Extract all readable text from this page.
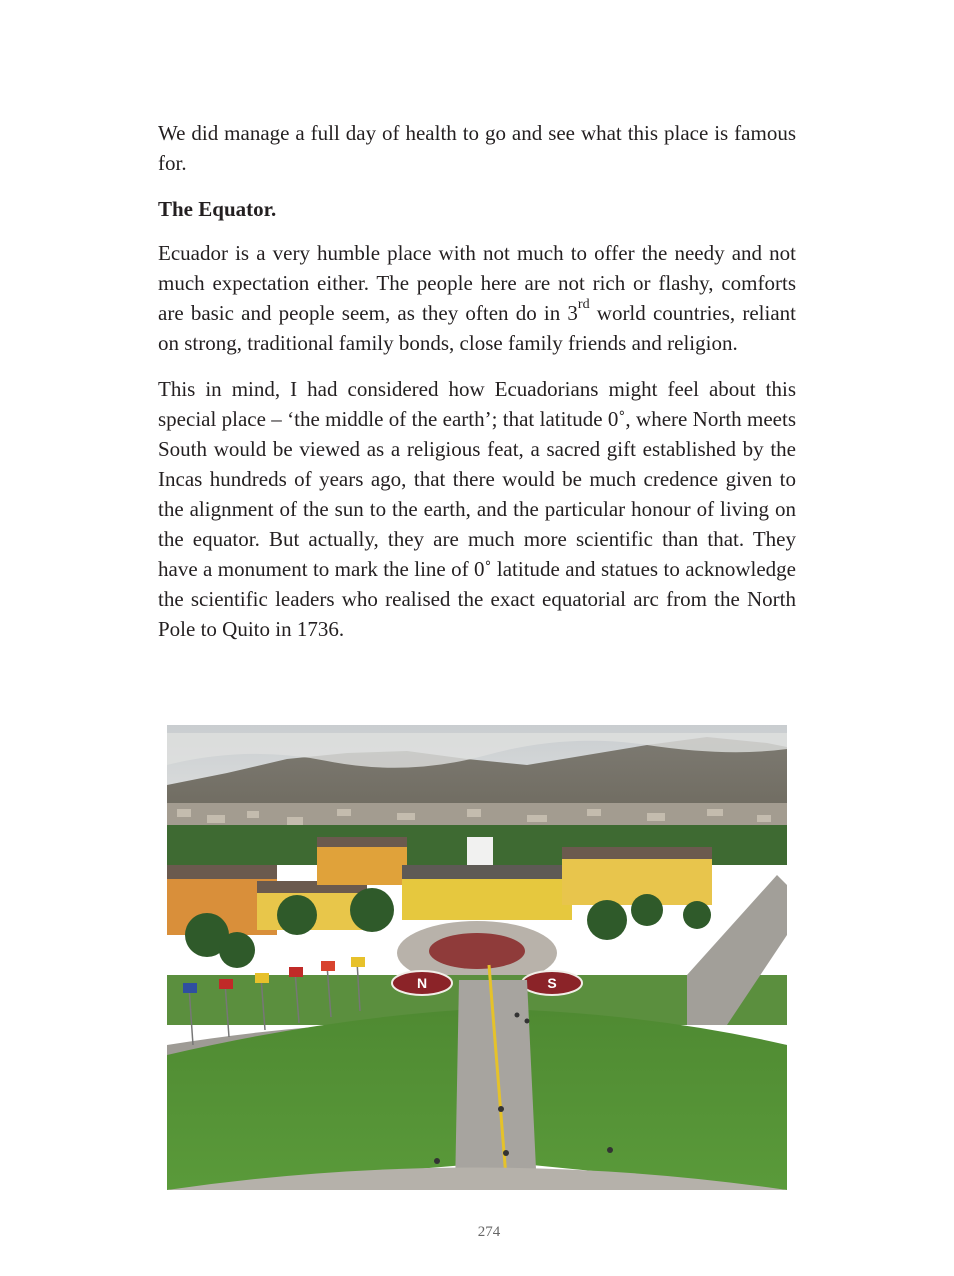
We did manage a full day of health to go and see what this place is famous for.

The Equator.

Ecuador is a very humble place with not much to offer the needy and not much expectation either. The people here are not rich or flashy, comforts are basic and people seem, as they often do in 3rd world countries, reliant on strong, traditional family bonds, close family friends and religion.

This in mind, I had considered how Ecuadorians might feel about this special place – ‘the middle of the earth’; that latitude 0˚, where North meets South would be viewed as a religious feat, a sacred gift established by the Incas hundreds of years ago, that there would be much credence given to the alignment of the sun to the earth, and the particular honour of living on the equator. But actually, they are much more scientific than that. They have a monument to mark the line of 0˚ latitude and statues to acknowledge the scientific leaders who realised the exact equatorial arc from the North Pole to Quito in 1736.

N	S
274
